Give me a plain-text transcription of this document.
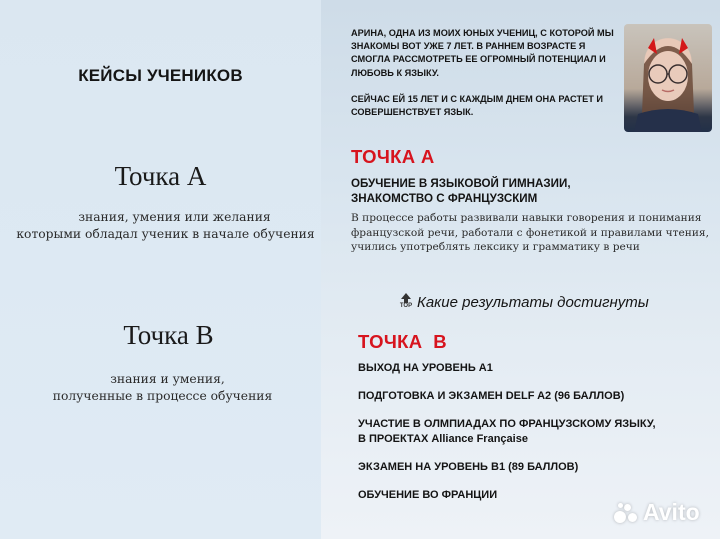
КЕЙСЫ УЧЕНИКОВ
Точка А
знания, умения или желания
которыми обладал ученик в начале обучения
Точка В
знания и умения,
полученные в процессе обучения

АРИНА, ОДНА ИЗ МОИХ ЮНЫХ УЧЕНИЦ, С КОТОРОЙ МЫ ЗНАКОМЫ ВОТ УЖЕ 7 ЛЕТ. В РАННЕМ ВОЗРАСТЕ Я СМОГЛА РАССМОТРЕТЬ ЕЕ ОГРОМНЫЙ ПОТЕНЦИАЛ И ЛЮБОВЬ К ЯЗЫКУ.

СЕЙЧАС ЕЙ 15 ЛЕТ И С КАЖДЫМ ДНЕМ ОНА РАСТЕТ И СОВЕРШЕНСТВУЕТ ЯЗЫК.

ТОЧКА А
ОБУЧЕНИЕ В ЯЗЫКОВОЙ ГИМНАЗИИ,
ЗНАКОМСТВО С ФРАНЦУЗСКИМ
В процессе работы развивали навыки говорения и понимания французской речи, работали с фонетикой и правилами чтения, учились употреблять лексику и грамматику в речи
TOP Какие результаты достигнуты
ТОЧКА  В
ВЫХОД НА УРОВЕНЬ А1
ПОДГОТОВКА И ЭКЗАМЕН DELF A2 (96 БАЛЛОВ)
УЧАСТИЕ В ОЛМПИАДАХ ПО ФРАНЦУЗСКОМУ ЯЗЫКУ, В ПРОЕКТАХ Alliance Française
ЭКЗАМЕН НА УРОВЕНЬ B1 (89 БАЛЛОВ)
ОБУЧЕНИЕ ВО ФРАНЦИИ
Avito
